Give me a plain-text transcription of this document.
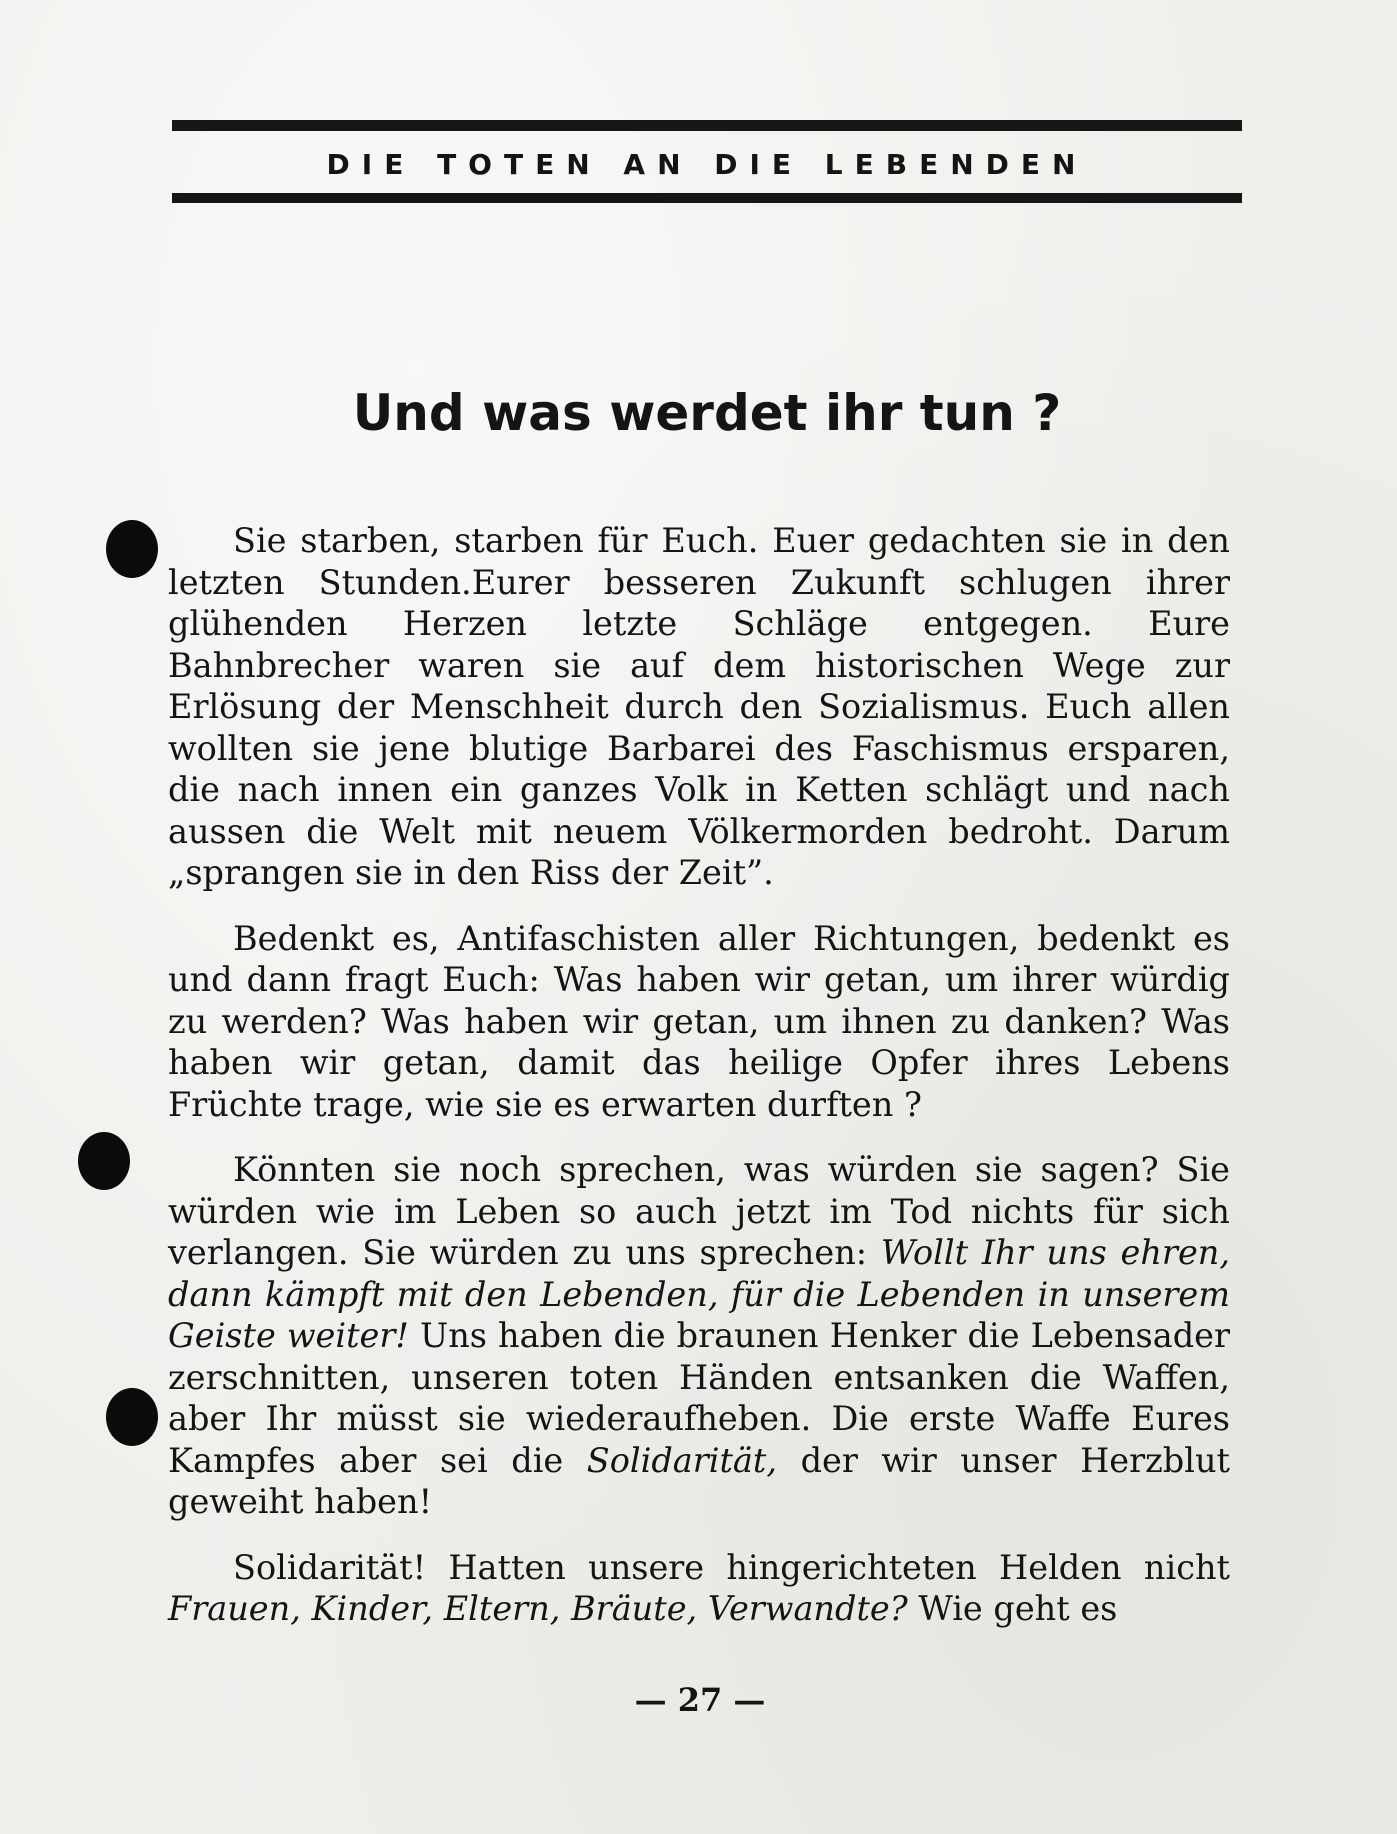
DIE TOTEN AN DIE LEBENDEN
Und was werdet ihr tun ?

Sie starben, starben für Euch. Euer gedachten sie in den letzten Stunden.Eurer besseren Zukunft schlugen ihrer glühenden Herzen letzte Schläge entgegen. Eure Bahnbrecher waren sie auf dem historischen Wege zur Erlösung der Menschheit durch den Sozialismus. Euch allen wollten sie jene blutige Barbarei des Faschismus ersparen, die nach innen ein ganzes Volk in Ketten schlägt und nach aussen die Welt mit neuem Völkermorden bedroht. Darum „sprangen sie in den Riss der Zeit”.

Bedenkt es, Antifaschisten aller Richtungen, bedenkt es und dann fragt Euch: Was haben wir getan, um ihrer würdig zu werden? Was haben wir getan, um ihnen zu danken? Was haben wir getan, damit das heilige Opfer ihres Lebens Früchte trage, wie sie es erwarten durften ?

Könnten sie noch sprechen, was würden sie sagen? Sie würden wie im Leben so auch jetzt im Tod nichts für sich verlangen. Sie würden zu uns sprechen: Wollt Ihr uns ehren, dann kämpft mit den Lebenden, für die Lebenden in unserem Geiste weiter! Uns haben die braunen Henker die Lebensader zerschnitten, unseren toten Händen entsanken die Waffen, aber Ihr müsst sie wiederaufheben. Die erste Waffe Eures Kampfes aber sei die Solidarität, der wir unser Herzblut geweiht haben!

Solidarität! Hatten unsere hingerichteten Helden nicht Frauen, Kinder, Eltern, Bräute, Verwandte? Wie geht es

— 27 —
